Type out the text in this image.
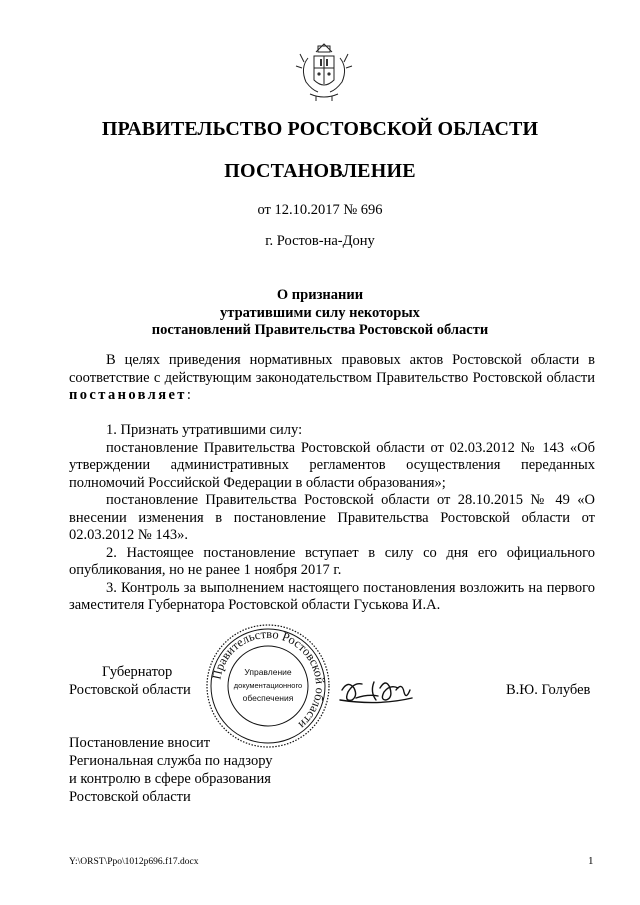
ПРАВИТЕЛЬСТВО РОСТОВСКОЙ ОБЛАСТИ
ПОСТАНОВЛЕНИЕ
от 12.10.2017 № 696
г. Ростов-на-Дону
О признании
утратившими силу некоторых
постановлений Правительства Ростовской области

В целях приведения нормативных правовых актов Ростовской области в соответствие с действующим законодательством Правительство Ростовской области постановляет:

1. Признать утратившими силу:

постановление Правительства Ростовской области от 02.03.2012 № 143 «Об утверждении административных регламентов осуществления переданных полномочий Российской Федерации в области образования»;

постановление Правительства Ростовской области от 28.10.2015 № 49 «О внесении изменения в постановление Правительства Ростовской области от 02.03.2012 № 143».

2. Настоящее постановление вступает в силу со дня его официального опубликования, но не ранее 1 ноября 2017 г.

3. Контроль за выполнением настоящего постановления возложить на первого заместителя Губернатора Ростовской области Гуськова И.А.

Губернатор
Ростовской области
Правительство Ростовской области
Управление
документационного
обеспечения	В.Ю. Голубев
Постановление вносит
Региональная служба по надзору
и контролю в сфере образования
Ростовской области
Y:\ORST\Ppo\1012p696.f17.docx	1
